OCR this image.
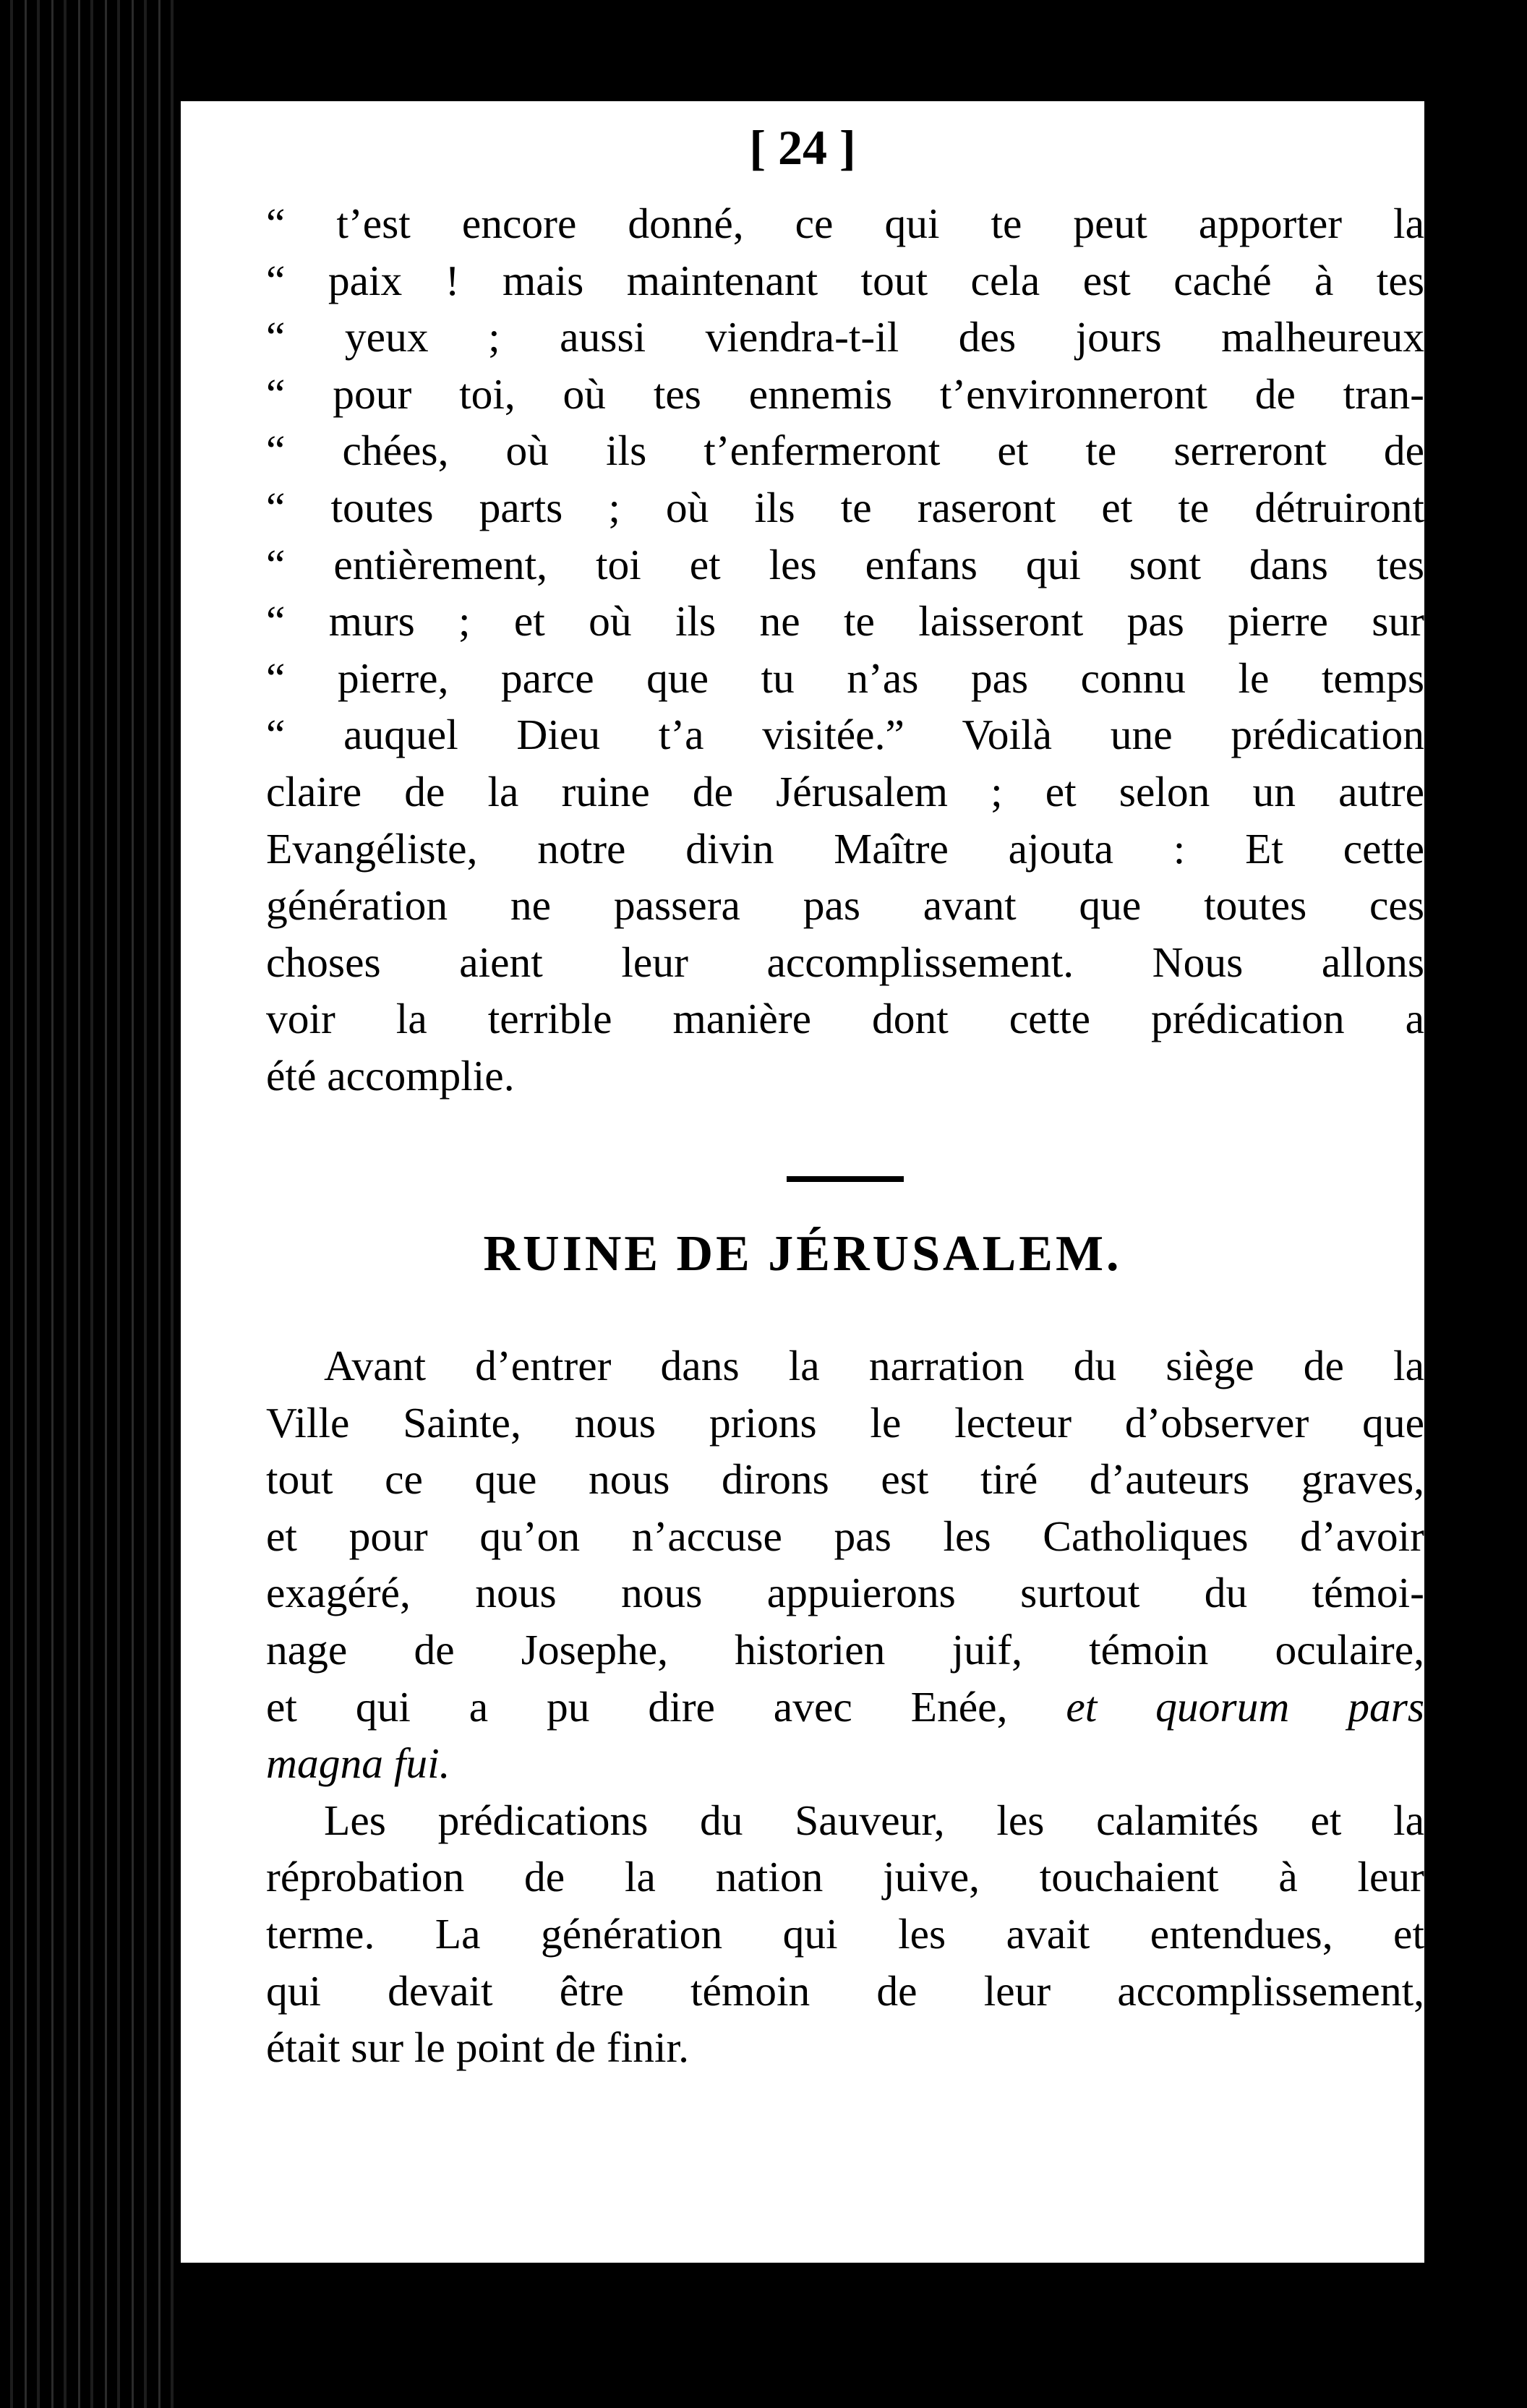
[ 24 ]
“ t’est encore donné, ce qui te peut apporter la
“ paix ! mais maintenant tout cela est caché à tes
“ yeux ; aussi viendra-t-il des jours malheureux
“ pour toi, où tes ennemis t’environneront de tran-
“ chées, où ils t’enfermeront et te serreront de
“ toutes parts ; où ils te raseront et te détruiront
“ entièrement, toi et les enfans qui sont dans tes
“ murs ; et où ils ne te laisseront pas pierre sur
“ pierre, parce que tu n’as pas connu le temps
“ auquel Dieu t’a visitée.” Voilà une prédication
claire de la ruine de Jérusalem ; et selon un autre
Evangéliste, notre divin Maître ajouta : Et cette
génération ne passera pas avant que toutes ces
choses aient leur accomplissement. Nous allons
voir la terrible manière dont cette prédication a
été accomplie.
RUINE DE JÉRUSALEM.
Avant d’entrer dans la narration du siège de la
Ville Sainte, nous prions le lecteur d’observer que
tout ce que nous dirons est tiré d’auteurs graves,
et pour qu’on n’accuse pas les Catholiques d’avoir
exagéré, nous nous appuierons surtout du témoi-
nage de Josephe, historien juif, témoin oculaire,
et qui a pu dire avec Enée, et quorum pars
magna fui.
Les prédications du Sauveur, les calamités et la
réprobation de la nation juive, touchaient à leur
terme. La génération qui les avait entendues, et
qui devait être témoin de leur accomplissement,
était sur le point de finir.
